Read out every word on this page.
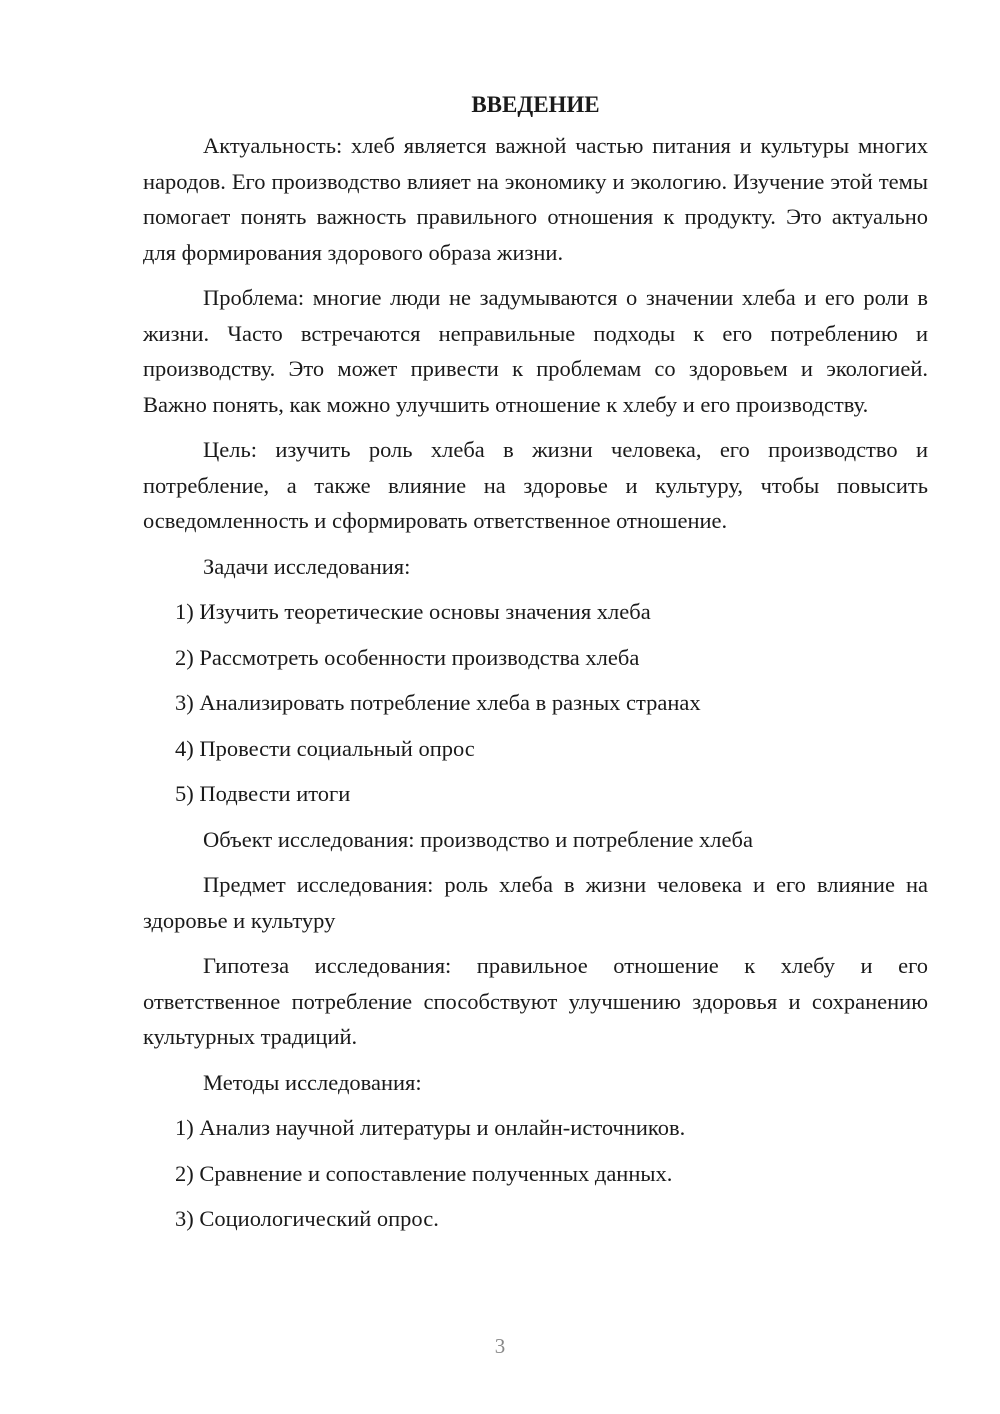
ВВЕДЕНИЕ
Актуальность: хлеб является важной частью питания и культуры многих народов. Его производство влияет на экономику и экологию. Изучение этой темы помогает понять важность правильного отношения к продукту. Это актуально для формирования здорового образа жизни.
Проблема: многие люди не задумываются о значении хлеба и его роли в жизни. Часто встречаются неправильные подходы к его потреблению и производству. Это может привести к проблемам со здоровьем и экологией. Важно понять, как можно улучшить отношение к хлебу и его производству.
Цель: изучить роль хлеба в жизни человека, его производство и потребление, а также влияние на здоровье и культуру, чтобы повысить осведомленность и сформировать ответственное отношение.
Задачи исследования:
1) Изучить теоретические основы значения хлеба
2) Рассмотреть особенности производства хлеба
3) Анализировать потребление хлеба в разных странах
4) Провести социальный опрос
5) Подвести итоги
Объект исследования: производство и потребление хлеба
Предмет исследования: роль хлеба в жизни человека и его влияние на здоровье и культуру
Гипотеза исследования: правильное отношение к хлебу и его ответственное потребление способствуют улучшению здоровья и сохранению культурных традиций.
Методы исследования:
1) Анализ научной литературы и онлайн-источников.
2) Сравнение и сопоставление полученных данных.
3) Социологический опрос.
3
